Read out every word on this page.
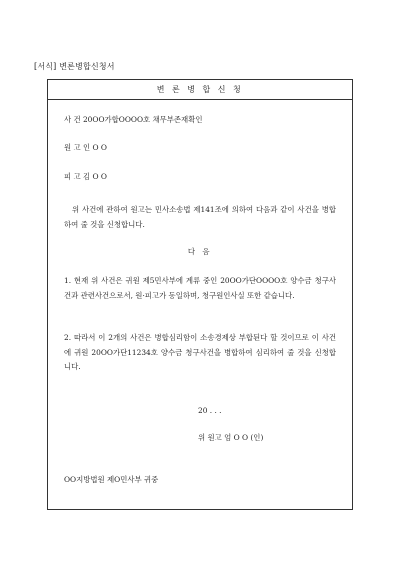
[서식] 변론병합신청서
변 론 병 합 신 청
사 건 20OO가합OOOO호 채무부존재확인
원 고 인 O O
피 고 김 O O
위 사건에 관하여 원고는 민사소송법 제141조에 의하여 다음과 같이 사건을 병합하여 줄 것을 신청합니다.
다 음
1. 현재 위 사건은 귀원 제5민사부에 계류 중인 20OO가단OOOO호 양수금 청구사건과 관련사건으로서, 원·피고가 동일하며, 청구원인사실 또한 같습니다.
2. 따라서 이 2개의 사건은 병합심리함이 소송경제상 부합된다 할 것이므로 이 사건에 귀원 20OO가단11234호 양수금 청구사건을 병합하여 심리하여 줄 것을 신청합니다.
20 . . .
위 원고 엄 O O (인)
OO지방법원 제O민사부 귀중
